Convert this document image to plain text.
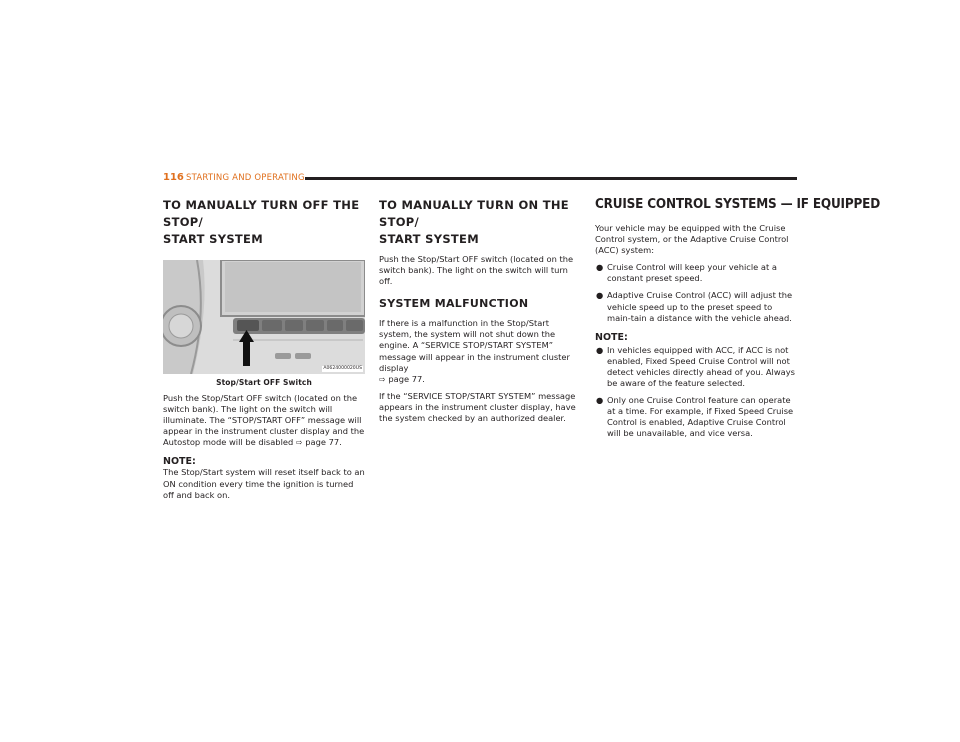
116 STARTING AND OPERATING
TO MANUALLY TURN OFF THE STOP/
START SYSTEM
A0624000020US
Stop/Start OFF Switch

Push the Stop/Start OFF switch (located on the switch bank). The light on the switch will illuminate. The “STOP/START OFF” message will appear in the instrument cluster display and the Autostop mode will be disabled ⇨ page 77.

NOTE:

The Stop/Start system will reset itself back to an ON condition every time the ignition is turned off and back on.

TO MANUALLY TURN ON THE STOP/
START SYSTEM

Push the Stop/Start OFF switch (located on the switch bank). The light on the switch will turn off.

SYSTEM MALFUNCTION

If there is a malfunction in the Stop/Start system, the system will not shut down the engine. A “SERVICE STOP/START SYSTEM” message will appear in the instrument cluster display
⇨ page 77.

If the “SERVICE STOP/START SYSTEM” message appears in the instrument cluster display, have the system checked by an authorized dealer.

CRUISE CONTROL SYSTEMS — IF EQUIPPED

Your vehicle may be equipped with the Cruise Control system, or the Adaptive Cruise Control (ACC) system:

● Cruise Control will keep your vehicle at a constant preset speed.
● Adaptive Cruise Control (ACC) will adjust the vehicle speed up to the preset speed to main-tain a distance with the vehicle ahead.
NOTE:
● In vehicles equipped with ACC, if ACC is not enabled, Fixed Speed Cruise Control will not detect vehicles directly ahead of you. Always be aware of the feature selected.
● Only one Cruise Control feature can operate at a time. For example, if Fixed Speed Cruise Control is enabled, Adaptive Cruise Control will be unavailable, and vice versa.
